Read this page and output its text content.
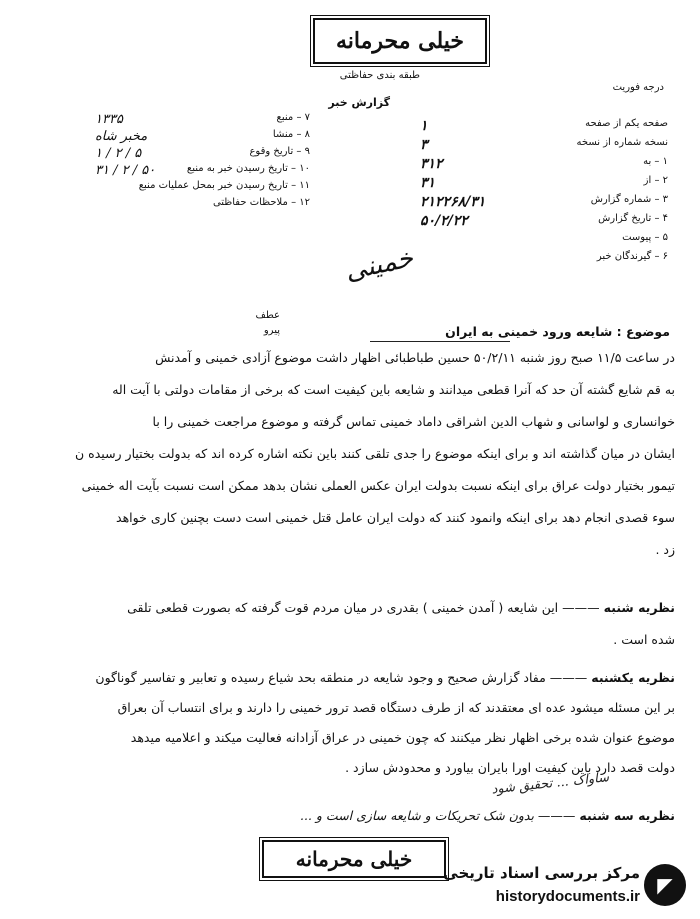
خیلی محرمانه
طبقه بندی حفاظتی
گزارش خبر
درجه فوریت
۷ – منبع
۱۳۳۵
۸ – منشا
مخبر شاه
۹ – تاریخ وقوع
۱ / ۲ / ۵
۱۰ – تاریخ رسیدن خبر به منبع
۳۱ / ۲ / ۵۰
۱۱ – تاریخ رسیدن خبر بمحل عملیات منبع
۱۲ – ملاحظات حفاظتی
صفحه یکم از صفحه
۱
نسخه شماره از نسخه
۳
۱ – به
۳۱۲
۲ – از
۳۱
۳ – شماره گزارش
۲۱۲۲۶۸/۳۱
۴ – تاریخ گزارش
۵۰/۲/۲۲
۵ – پیوست
۶ – گیرندگان خبر
خمینی
عطف
پیرو	موضوع : شایعه ورود خمینی به ایران
در ساعت ۱۱/۵ صبح روز شنبه ۵۰/۲/۱۱ حسین طباطبائی اظهار داشت موضوع آزادی خمینی و آمدنش
به قم شایع گشته آن حد که آنرا قطعی میدانند و شایعه باین کیفیت است که برخی از مقامات دولتی با آیت اله
خوانساری و لواسانی و شهاب الدین اشراقی داماد خمینی تماس گرفته و موضوع مراجعت خمینی را با
ایشان در میان گذاشته اند و برای اینکه موضوع را جدی تلقی کنند باین نکته اشاره کرده اند که بدولت بختیار رسیده ن
تیمور بختیار دولت عراق برای اینکه نسبت بدولت ایران عکس العملی نشان بدهد ممکن است نسبت بآیت اله خمینی
سوء قصدی انجام دهد برای اینکه وانمود کنند که دولت ایران عامل قتل خمینی است دست بچنین کاری خواهد
زد .
نظریه شنبه ——— این شایعه ( آمدن خمینی ) بقدری در میان مردم قوت گرفته که بصورت قطعی تلقی
شده است .
نظریه یکشنبه ——— مفاد گزارش صحیح و وجود شایعه در منطقه بحد شیاع رسیده و تعابیر و تفاسیر گوناگون
بر این مسئله میشود عده ای معتقدند که از طرف دستگاه قصد ترور خمینی را دارند و برای انتساب آن بعراق
موضوع عنوان شده برخی اظهار نظر میکنند که چون خمینی در عراق آزادانه فعالیت میکند و اعلامیه میدهد
دولت قصد دارد باین کیفیت اورا بایران بیاورد و محدودش سازد .
ساواک ... تحقیق شود
نظریه سه شنبه ——— بدون شک تحریکات و شایعه سازی است و ...
خیلی محرمانه
◤
مرکز بررسی اسناد تاریخی
historydocuments.ir
